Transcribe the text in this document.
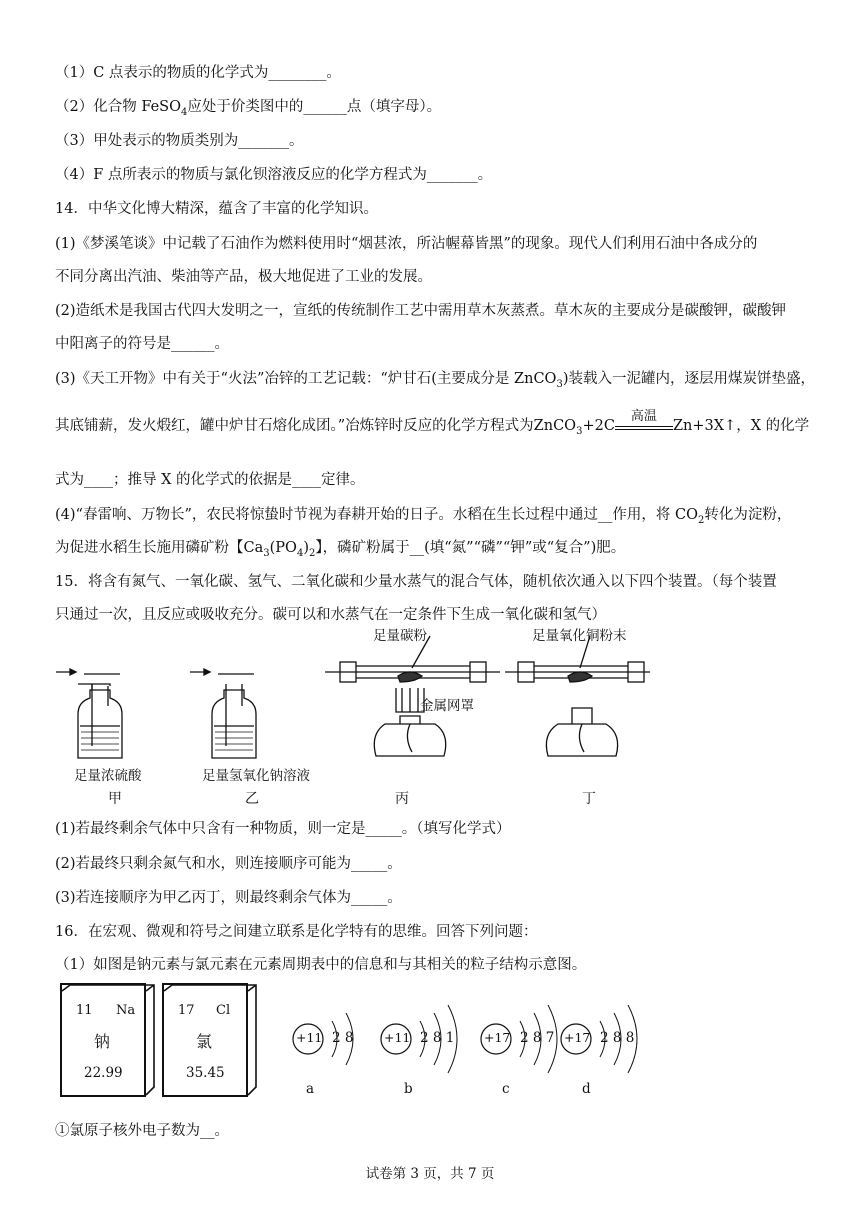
（1）C 点表示的物质的化学式为________。
（2）化合物 FeSO$_4$应处于价类图中的______点（填字母）。
（3）甲处表示的物质类别为_______。
（4）F 点所表示的物质与氯化钡溶液反应的化学方程式为_______。
14．中华文化博大精深，蕴含了丰富的化学知识。
(1)《梦溪笔谈》中记载了石油作为燃料使用时“烟甚浓，所沾幄幕皆黑”的现象。现代人们利用石油中各成分的
不同分离出汽油、柴油等产品，极大地促进了工业的发展。
(2)造纸术是我国古代四大发明之一，宣纸的传统制作工艺中需用草木灰蒸煮。草木灰的主要成分是碳酸钾，碳酸钾
中阳离子的符号是______。
(3)《天工开物》中有关于“火法”冶锌的工艺记载：“炉甘石(主要成分是 ZnCO$_3$)装载入一泥罐内，逐层用煤炭饼垫盛，
其底铺薪，发火煅红，罐中炉甘石熔化成团。”冶炼锌时反应的化学方程式为ZnCO$_3$+2C
高温
Zn+3X↑，X 的化学
式为____；推导 X 的化学式的依据是____定律。
(4)“春雷响、万物长”，农民将惊蛰时节视为春耕开始的日子。水稻在生长过程中通过__作用，将 $CO_2$转化为淀粉，
为促进水稻生长施用磷矿粉【$Ca_3(PO_4)_2$】，磷矿粉属于__(填“氮”“磷”“钾”或“复合”)肥。
15．将含有氮气、一氧化碳、氢气、二氧化碳和少量水蒸气的混合气体，随机依次通入以下四个装置。（每个装置
只通过一次，且反应或吸收充分。碳可以和水蒸气在一定条件下生成一氧化碳和氢气）
足量浓硫酸	足量氢氧化钠溶液
足量碳粉
金属网罩
足量氧化铜粉末
甲	乙	丙	丁
(1)若最终剩余气体中只含有一种物质，则一定是_____。（填写化学式）
(2)若最终只剩余氮气和水，则连接顺序可能为_____。
(3)若连接顺序为甲乙丙丁，则最终剩余气体为_____。
16．在宏观、微观和符号之间建立联系是化学特有的思维。回答下列问题：
（1）如图是钠元素与氯元素在元素周期表中的信息和与其相关的粒子结构示意图。
11 Na
钠
22.99
17 Cl
氯
35.45
+11 2 8
a
+11 2 8 1
b
+17 2 8 7
c
+17 2 8 8
d
①氯原子核外电子数为__。
试卷第 3 页，共 7 页
